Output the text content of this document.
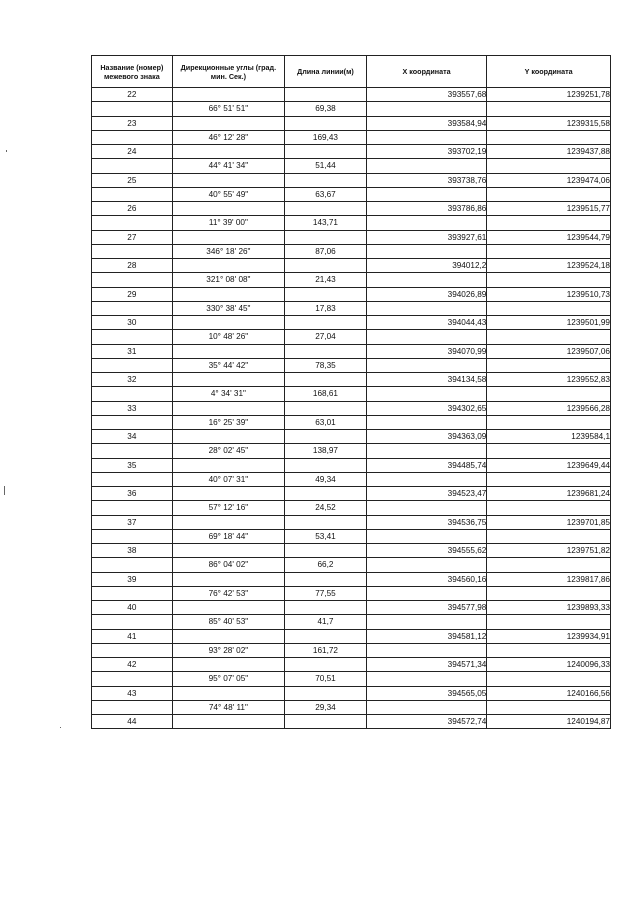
Название (номер) межевого знака	Дирекционные углы (град. мин. Сек.)	Длина линии(м)	X координата	Y координата
22			393557,68	1239251,78
	66° 51' 51"	69,38		
23			393584,94	1239315,58
	46° 12' 28"	169,43		
24			393702,19	1239437,88
	44° 41' 34"	51,44		
25			393738,76	1239474,06
	40° 55' 49"	63,67		
26			393786,86	1239515,77
	11° 39' 00"	143,71		
27			393927,61	1239544,79
	346° 18' 26"	87,06		
28			394012,2	1239524,18
	321° 08' 08"	21,43		
29			394026,89	1239510,73
	330° 38' 45"	17,83		
30			394044,43	1239501,99
	10° 48' 26"	27,04		
31			394070,99	1239507,06
	35° 44' 42"	78,35		
32			394134,58	1239552,83
	4° 34' 31"	168,61		
33			394302,65	1239566,28
	16° 25' 39"	63,01		
34			394363,09	1239584,1
	28° 02' 45"	138,97		
35			394485,74	1239649,44
	40° 07' 31"	49,34		
36			394523,47	1239681,24
	57° 12' 16"	24,52		
37			394536,75	1239701,85
	69° 18' 44"	53,41		
38			394555,62	1239751,82
	86° 04' 02"	66,2		
39			394560,16	1239817,86
	76° 42' 53"	77,55		
40			394577,98	1239893,33
	85° 40' 53"	41,7		
41			394581,12	1239934,91
	93° 28' 02"	161,72		
42			394571,34	1240096,33
	95° 07' 05"	70,51		
43			394565,05	1240166,56
	74° 48' 11"	29,34		
44			394572,74	1240194,87
